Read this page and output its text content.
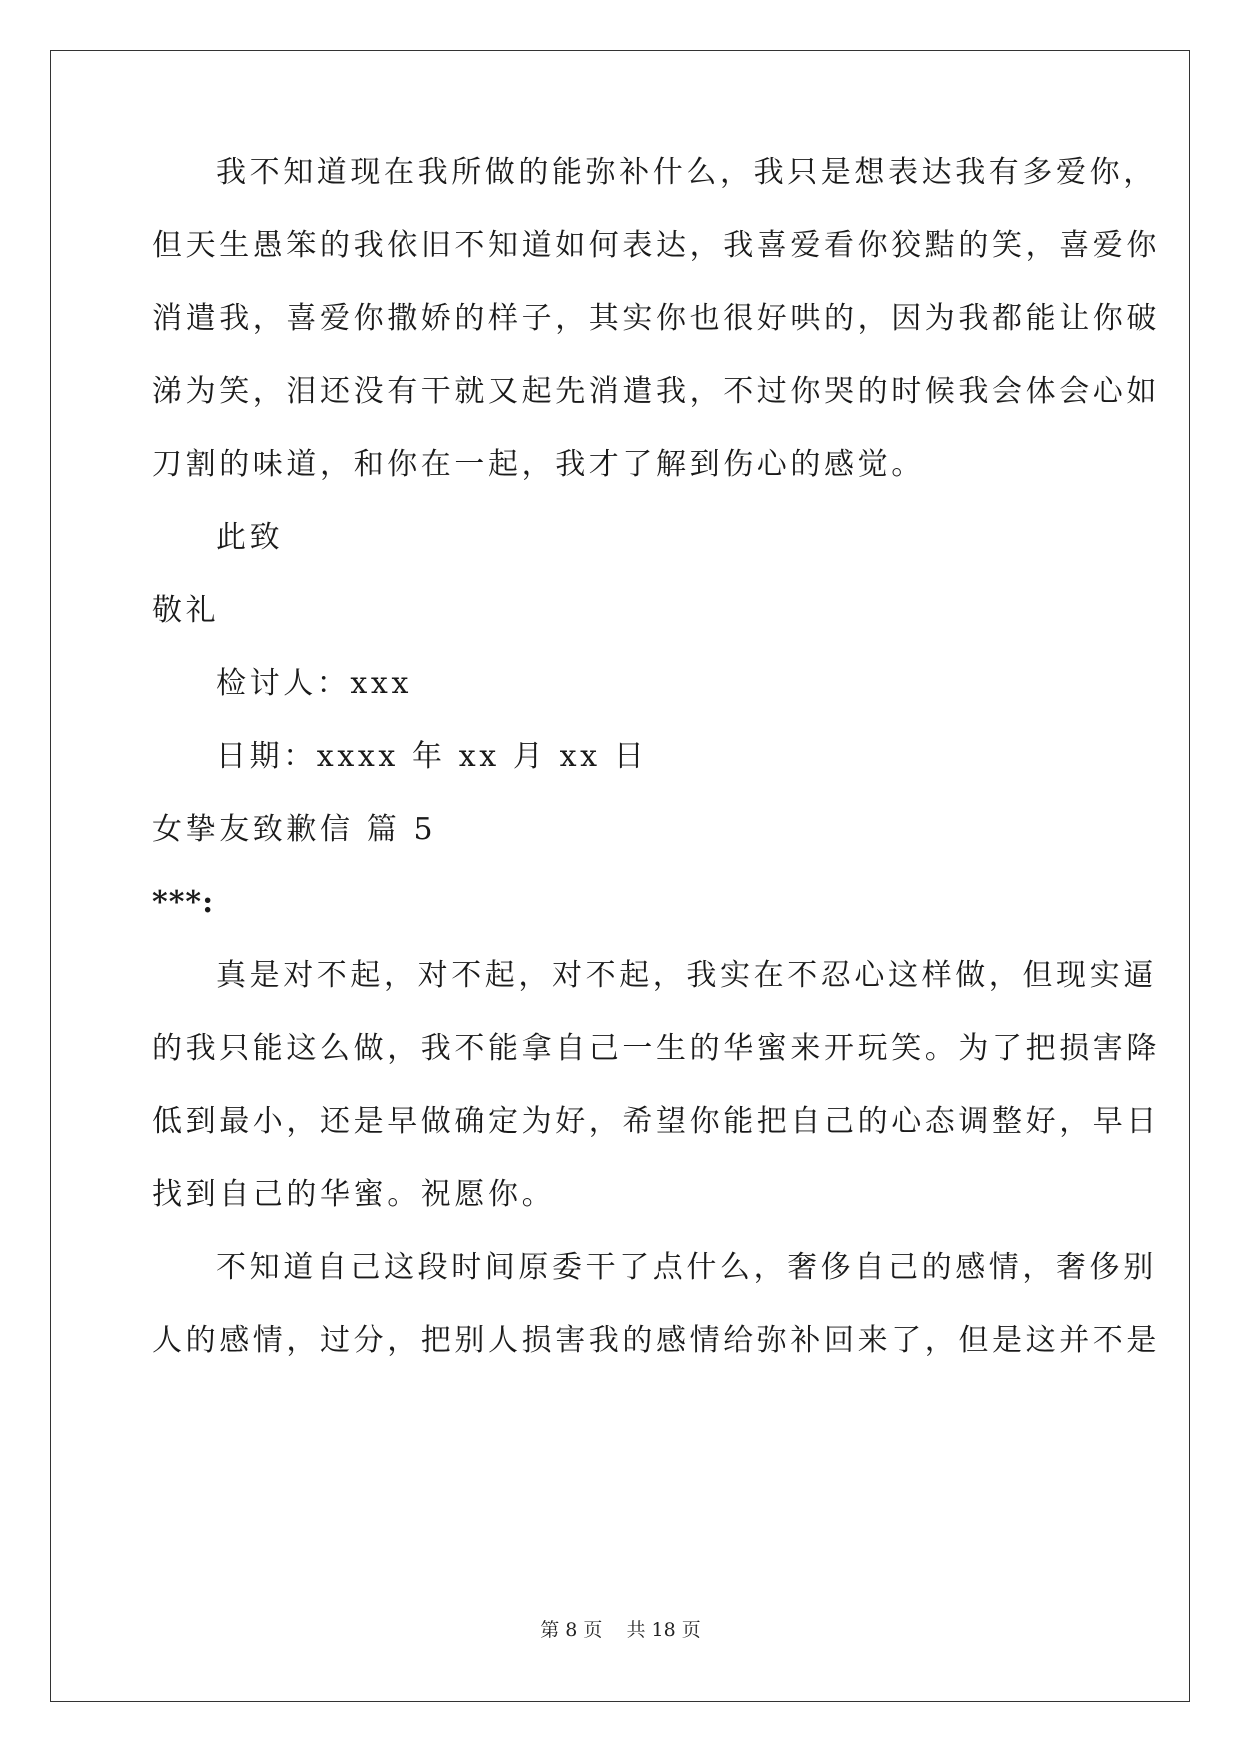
我不知道现在我所做的能弥补什么，我只是想表达我有多爱你，
但天生愚笨的我依旧不知道如何表达，我喜爱看你狡黠的笑，喜爱你
消遣我，喜爱你撒娇的样子，其实你也很好哄的，因为我都能让你破
涕为笑，泪还没有干就又起先消遣我，不过你哭的时候我会体会心如
刀割的味道，和你在一起，我才了解到伤心的感觉。
此致
敬礼
检讨人：xxx
日期：xxxx 年 xx 月 xx 日
女挚友致歉信 篇 5
***:
真是对不起，对不起，对不起，我实在不忍心这样做，但现实逼
的我只能这么做，我不能拿自己一生的华蜜来开玩笑。为了把损害降
低到最小，还是早做确定为好，希望你能把自己的心态调整好，早日
找到自己的华蜜。祝愿你。
不知道自己这段时间原委干了点什么，奢侈自己的感情，奢侈别
人的感情，过分，把别人损害我的感情给弥补回来了，但是这并不是
第 8 页 共 18 页
